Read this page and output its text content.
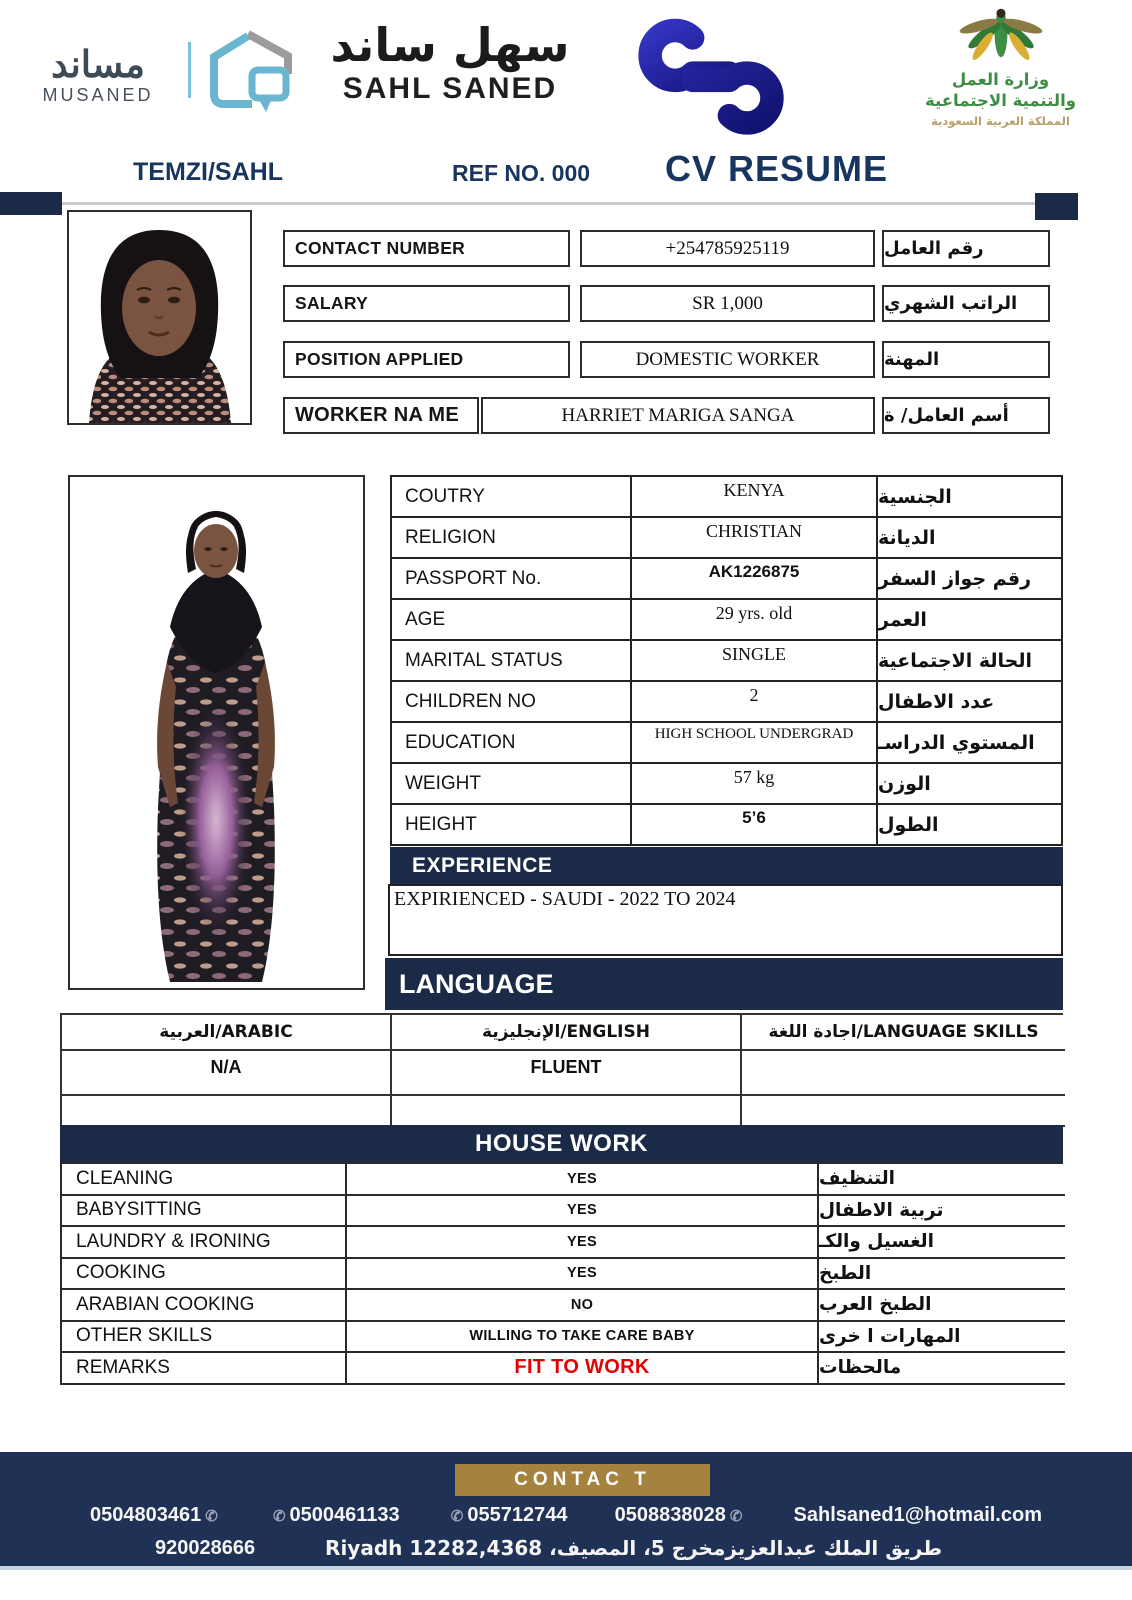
مساند
MUSANED
سهل ساند
SAHL SANED	وزارة العمل
والتنمية الاجتماعية
المملكة العربية السعودية
TEMZI/SAHL	REF NO. 000 CV RESUME
`
CONTACT NUMBER	+254785925119	رقم العامل
SALARY	SR 1,000	الراتب الشهري
POSITION APPLIED	DOMESTIC WORKER	المهنة
WORKER NA ME	HARRIET MARIGA SANGA	أسم العامل/ ة
COUTRY	KENYA	الجنسية
RELIGION	CHRISTIAN	الديانة
PASSPORT No.	AK1226875	رقم جواز السفر
AGE	29 yrs. old	العمر
MARITAL STATUS	SINGLE	الحالة الاجتماعية
CHILDREN NO	2	عدد الاطفال
EDUCATION	HIGH SCHOOL UNDERGRAD	المستوي الدراسـ
WEIGHT	57 kg	الوزن
HEIGHT	5’6	الطول
EXPERIENCE
EXPIRIENCED - SAUDI - 2022 TO 2024
LANGUAGE
العربية/ARABIC	الإنجليزية/ENGLISH	اجادة اللغة/LANGUAGE SKILLS
N/A	FLUENT
HOUSE WORK
CLEANING	YES	التنظيف
BABYSITTING	YES	تربية الاطفال
LAUNDRY & IRONING	YES	الغسيل والكـ
COOKING	YES	الطبخ
ARABIAN COOKING	NO	الطبخ العرب
OTHER SKILLS	WILLING TO TAKE CARE BABY	المهارات ا خرى
REMARKS	FIT TO WORK	مالحظات
CONTAC T
0504803461 ✆	✆ 0500461133	✆ 055712744 0508838028 ✆	Sahlsaned1@hotmail.com
920028666	طريق الملك عبدالعزيزمخرج 5، المصيف، Riyadh 12282,4368
